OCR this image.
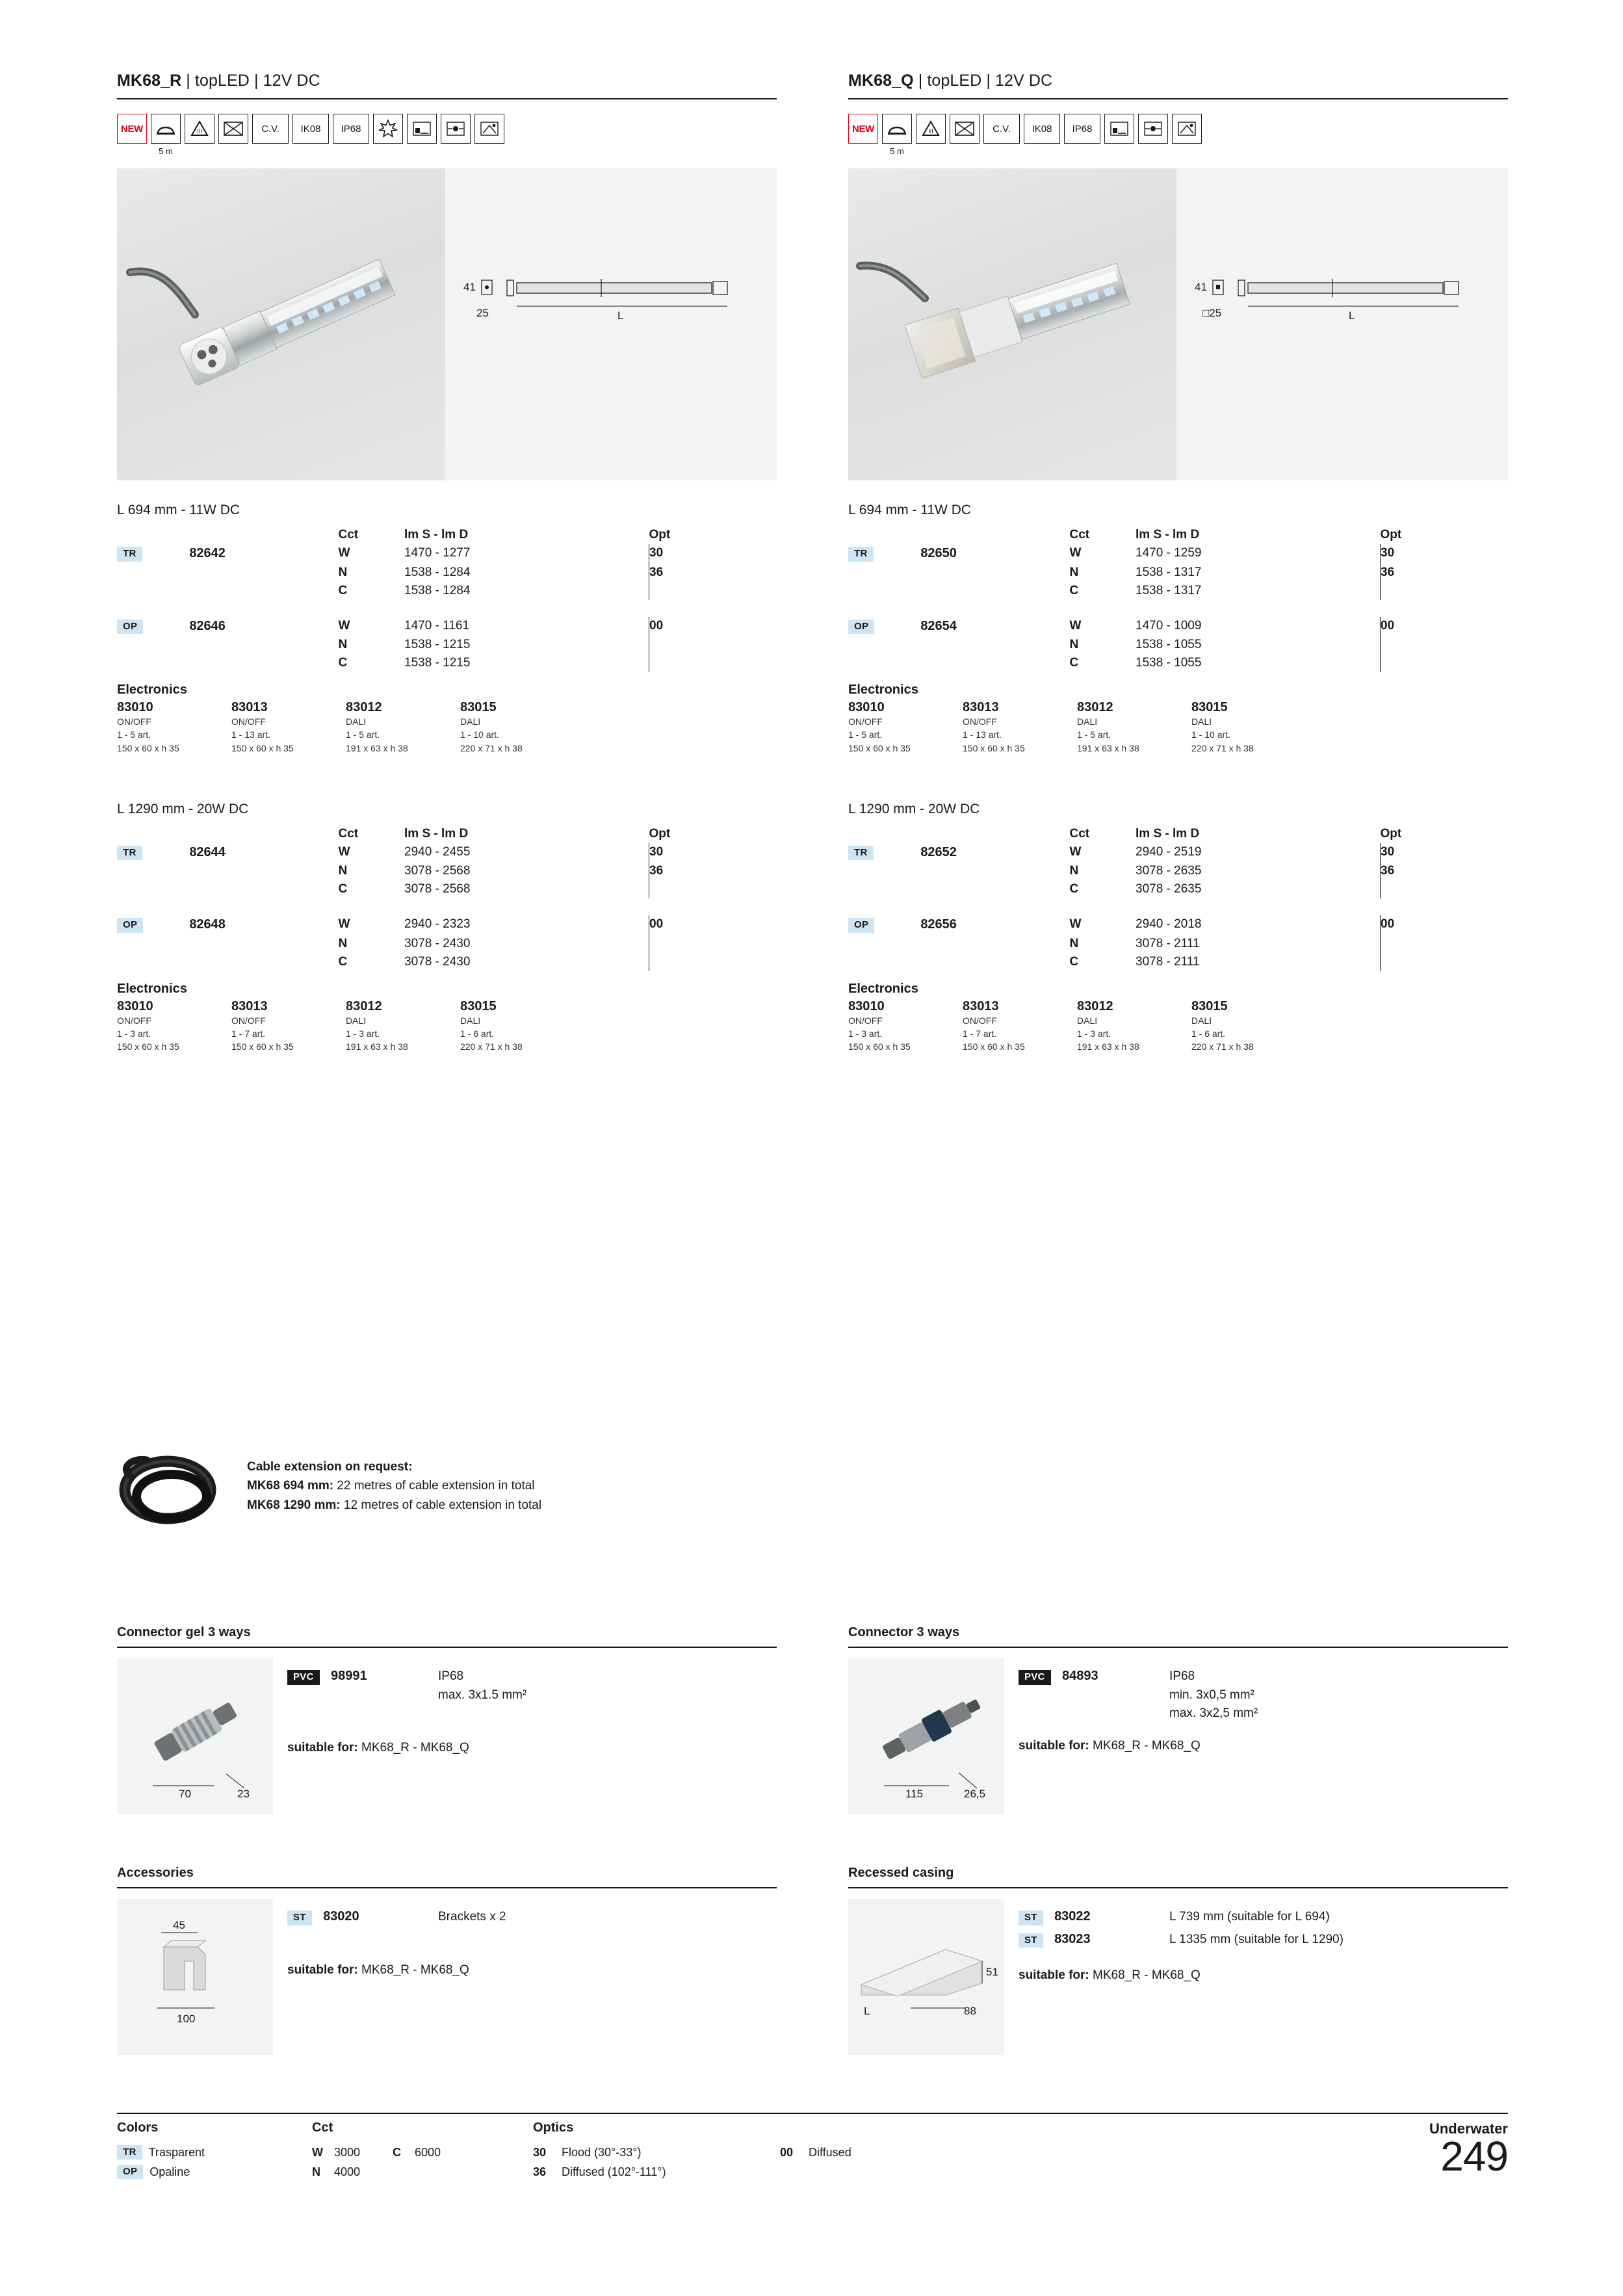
MK68_R | topLED | 12V DC
NEW
5 m
III	C.V.	IK08	IP68
41
25	L
L 694 mm - 11W DC
		Cct	lm S - lm D	Opt
TR	82642	W	1470 - 1277	30
		N	1538 - 1284	36
		C	1538 - 1284	

OP	82646	W	1470 - 1161	00
		N	1538 - 1215	
		C	1538 - 1215	
Electronics
83010
ON/OFF
1 - 5 art.
150 x 60 x h 35
83013
ON/OFF
1 - 13 art.
150 x 60 x h 35
83012
DALI
1 - 5 art.
191 x 63 x h 38
83015
DALI
1 - 10 art.
220 x 71 x h 38
L 1290 mm - 20W DC
		Cct	lm S - lm D	Opt
TR	82644	W	2940 - 2455	30
		N	3078 - 2568	36
		C	3078 - 2568	

OP	82648	W	2940 - 2323	00
		N	3078 - 2430	
		C	3078 - 2430	
Electronics
83010
ON/OFF
1 - 3 art.
150 x 60 x h 35
83013
ON/OFF
1 - 7 art.
150 x 60 x h 35
83012
DALI
1 - 3 art.
191 x 63 x h 38
83015
DALI
1 - 6 art.
220 x 71 x h 38
MK68_Q | topLED | 12V DC
NEW
5 m
III	C.V.	IK08	IP68
41
□25	L
L 694 mm - 11W DC
		Cct	lm S - lm D	Opt
TR	82650	W	1470 - 1259	30
		N	1538 - 1317	36
		C	1538 - 1317	

OP	82654	W	1470 - 1009	00
		N	1538 - 1055	
		C	1538 - 1055	
Electronics
83010
ON/OFF
1 - 5 art.
150 x 60 x h 35
83013
ON/OFF
1 - 13 art.
150 x 60 x h 35
83012
DALI
1 - 5 art.
191 x 63 x h 38
83015
DALI
1 - 10 art.
220 x 71 x h 38
L 1290 mm - 20W DC
		Cct	lm S - lm D	Opt
TR	82652	W	2940 - 2519	30
		N	3078 - 2635	36
		C	3078 - 2635	

OP	82656	W	2940 - 2018	00
		N	3078 - 2111	
		C	3078 - 2111	
Electronics
83010
ON/OFF
1 - 3 art.
150 x 60 x h 35
83013
ON/OFF
1 - 7 art.
150 x 60 x h 35
83012
DALI
1 - 3 art.
191 x 63 x h 38
83015
DALI
1 - 6 art.
220 x 71 x h 38
Cable extension on request:
MK68 694 mm: 22 metres of cable extension in total
MK68 1290 mm: 12 metres of cable extension in total
Connector gel 3 ways
70	23
PVC 98991	IP68
max. 3x1.5 mm²
suitable for: MK68_R - MK68_Q
Connector 3 ways
115	26,5
PVC 84893	IP68
min. 3x0,5 mm²
max. 3x2,5 mm²
suitable for: MK68_R - MK68_Q
Accessories
45
100
ST 83020	Brackets x 2
suitable for: MK68_R - MK68_Q
Recessed casing
51
L	88
ST 83022	L 739 mm (suitable for L 694)
ST 83023	L 1335 mm (suitable for L 1290)
suitable for: MK68_R - MK68_Q
Colors	Cct	Optics	Underwater
TR	Trasparent
OP	Opaline
W 3000	C	6000
N	4000
30	Flood (30°-33°)
36	Diffused (102°-111°)
00	Diffused	249
